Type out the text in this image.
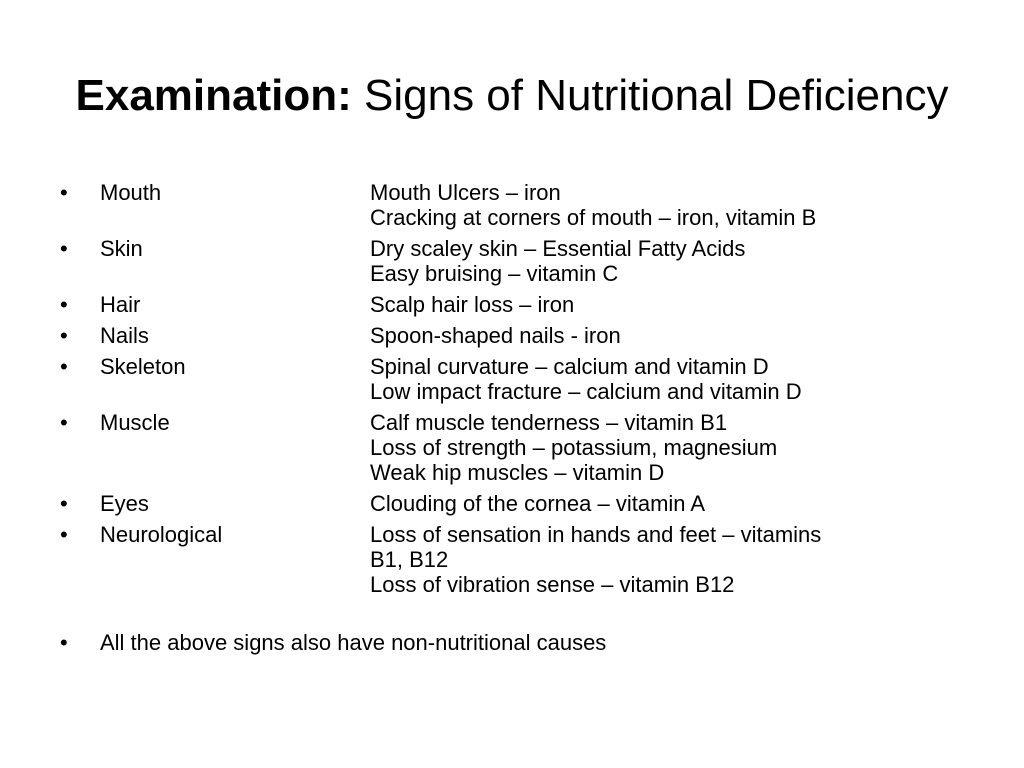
Examination: Signs of Nutritional Deficiency
• Mouth	Mouth Ulcers – iron
Cracking at corners of mouth – iron, vitamin B
• Skin	Dry scaley skin – Essential Fatty Acids
Easy bruising – vitamin C
• Hair	Scalp hair loss – iron
• Nails	Spoon-shaped nails - iron
• Skeleton	Spinal curvature – calcium and vitamin D
Low impact fracture – calcium and vitamin D
• Muscle	Calf muscle tenderness – vitamin B1
Loss of strength – potassium, magnesium
Weak hip muscles – vitamin D
• Eyes	Clouding of the cornea – vitamin A
• Neurological	Loss of sensation in hands and feet – vitamins
B1, B12
Loss of vibration sense – vitamin B12
• All the above signs also have non-nutritional causes
